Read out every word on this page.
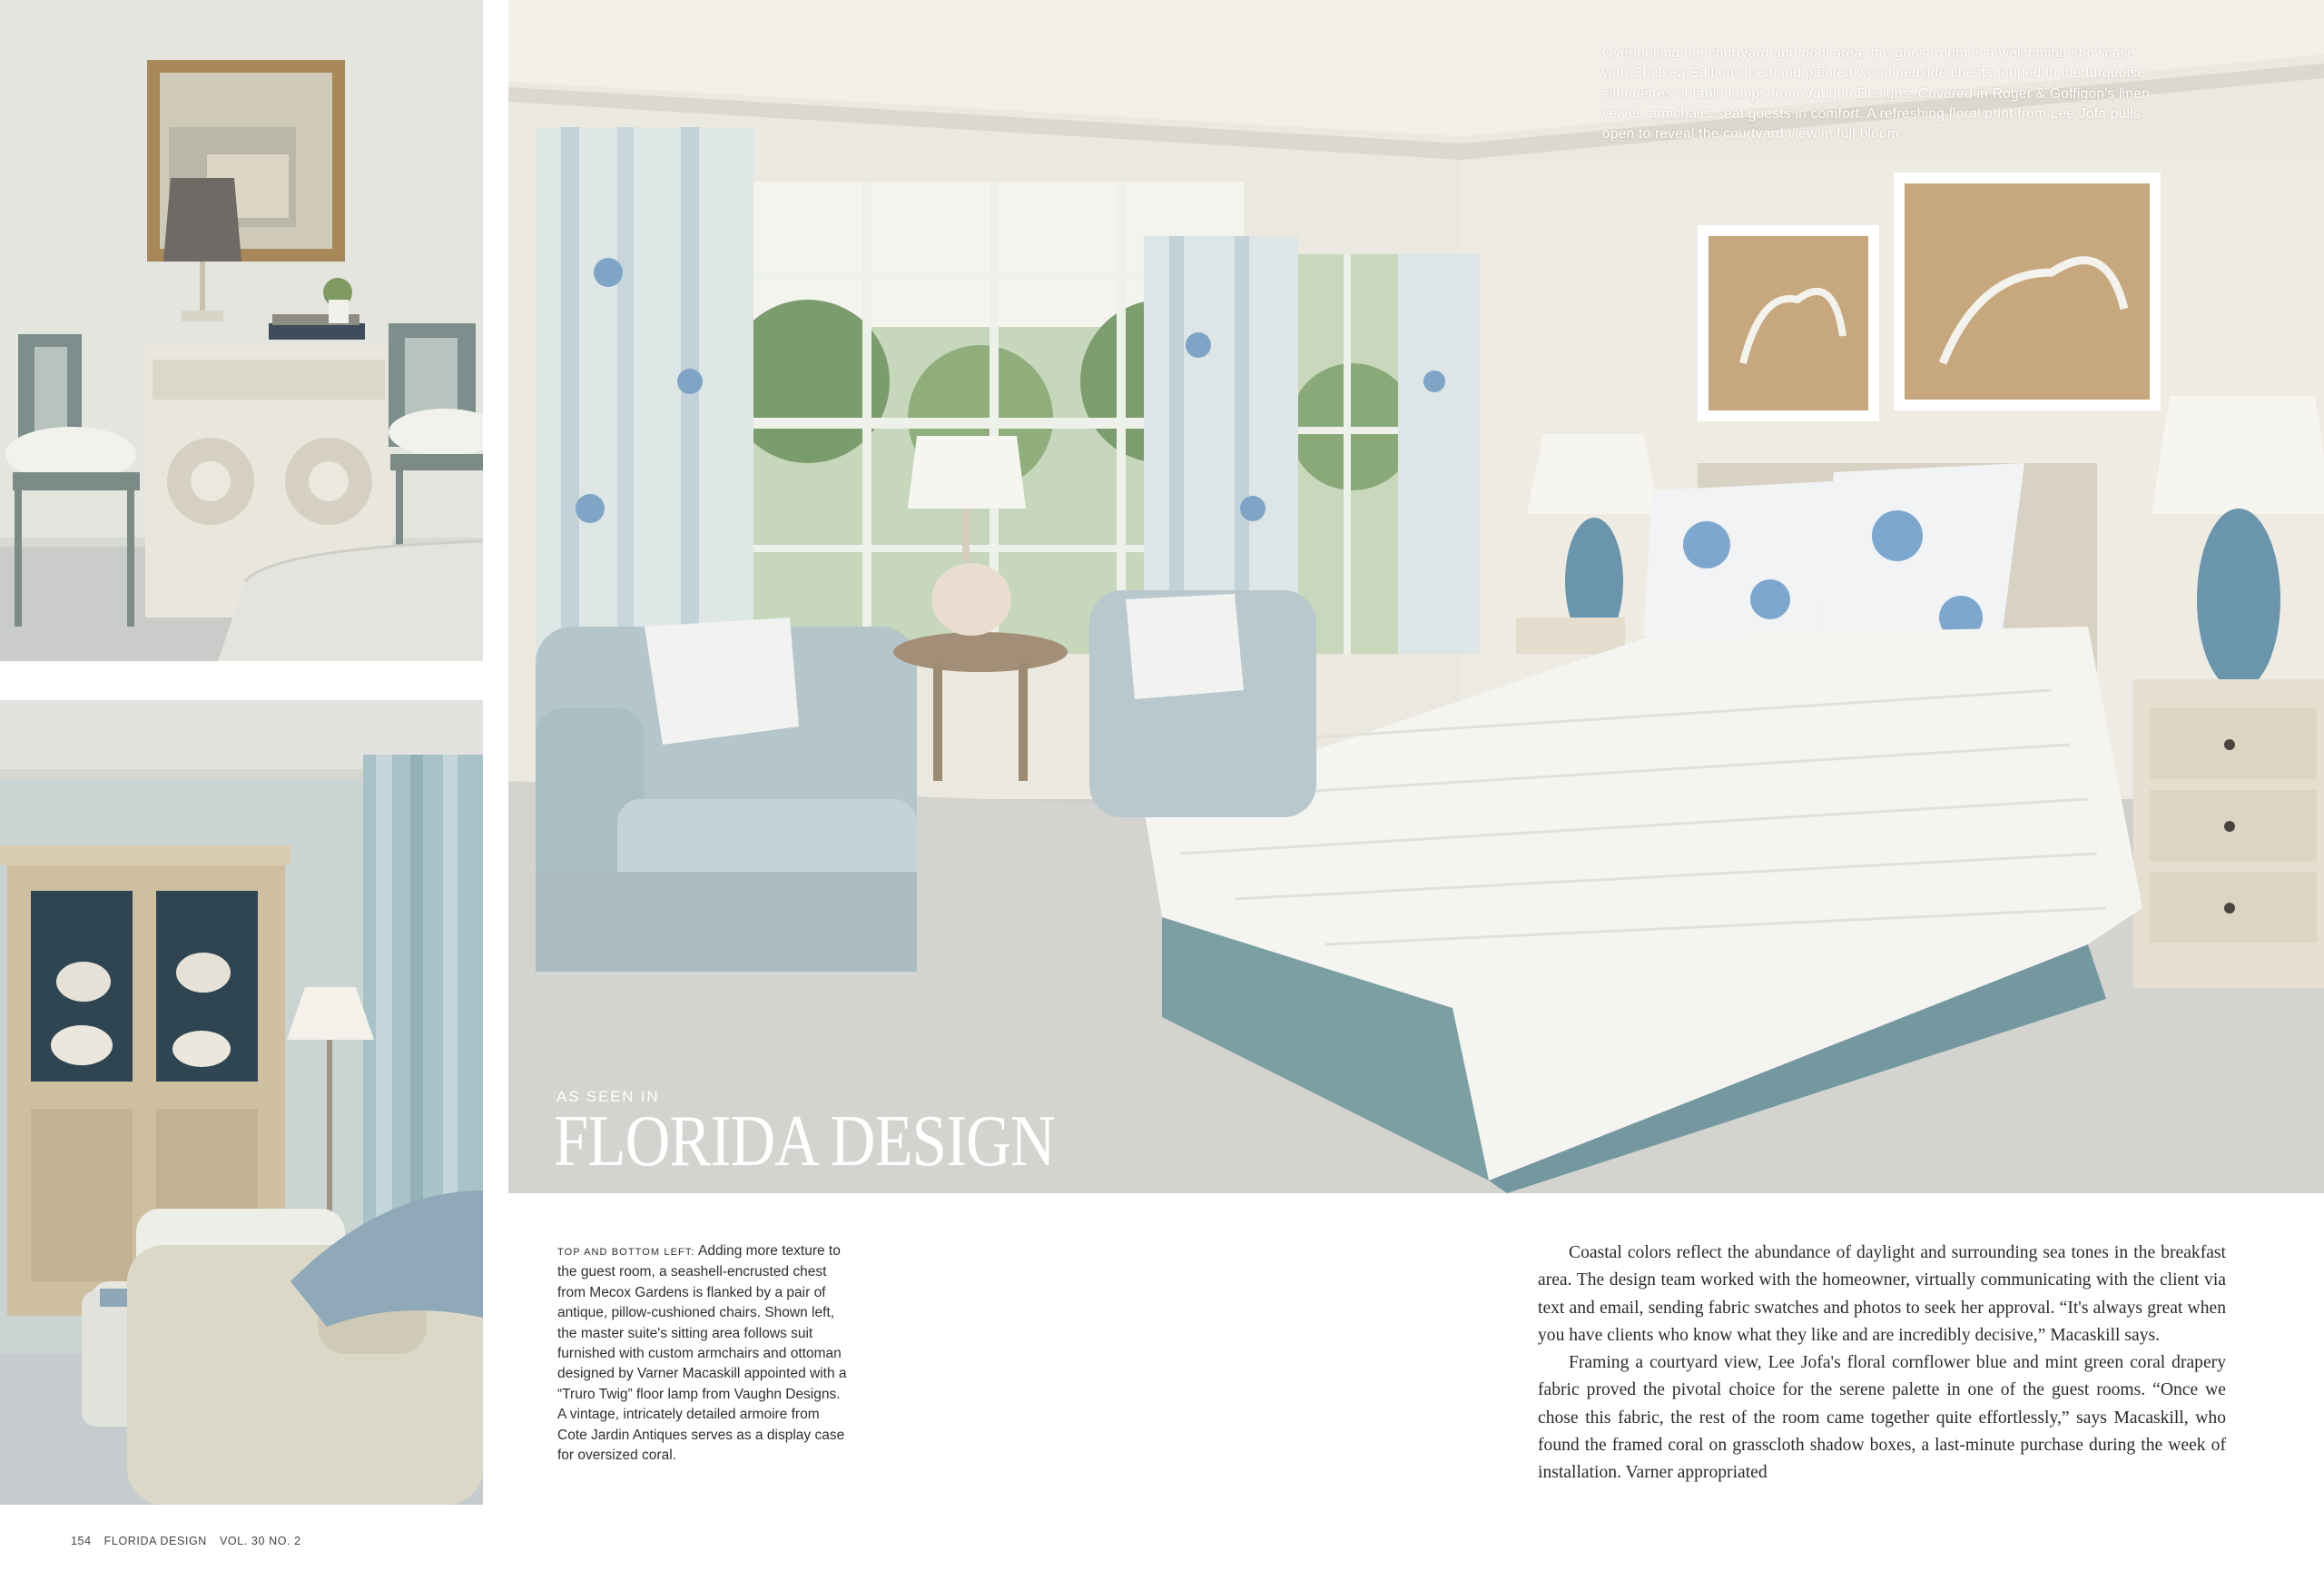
Overlooking the courtyard and pool area, the guest room is a welcoming showcase with Chelsea Editions' bed and painted wood bedside chests topped in the turquoise silhouettes of table lamps from Vaughn Designs. Covered in Roger & Goffigon's linen velvet, armchairs seat guests in comfort. A refreshing floral print from Lee Jofa pulls open to reveal the courtyard view in full bloom.
AS SEEN IN
FLORIDA DESIGN
TOP AND BOTTOM LEFT: Adding more texture to the guest room, a seashell-encrusted chest from Mecox Gardens is flanked by a pair of antique, pillow-cushioned chairs. Shown left, the master suite's sitting area follows suit furnished with custom armchairs and ottoman designed by Varner Macaskill appointed with a “Truro Twig” floor lamp from Vaughn Designs. A vintage, intricately detailed armoire from Cote Jardin Antiques serves as a display case for oversized coral.

Coastal colors reflect the abundance of daylight and surrounding sea tones in the breakfast area. The design team worked with the homeowner, virtually communicating with the client via text and email, sending fabric swatches and photos to seek her approval. “It's always great when you have clients who know what they like and are incredibly decisive,” Macaskill says.

Framing a courtyard view, Lee Jofa's floral cornflower blue and mint green coral drapery fabric proved the pivotal choice for the serene palette in one of the guest rooms. “Once we chose this fabric, the rest of the room came together quite effortlessly,” says Macaskill, who found the framed coral on grasscloth shadow boxes, a last-minute purchase during the week of installation. Varner appropriated

154 FLORIDA DESIGN VOL. 30 NO. 2
